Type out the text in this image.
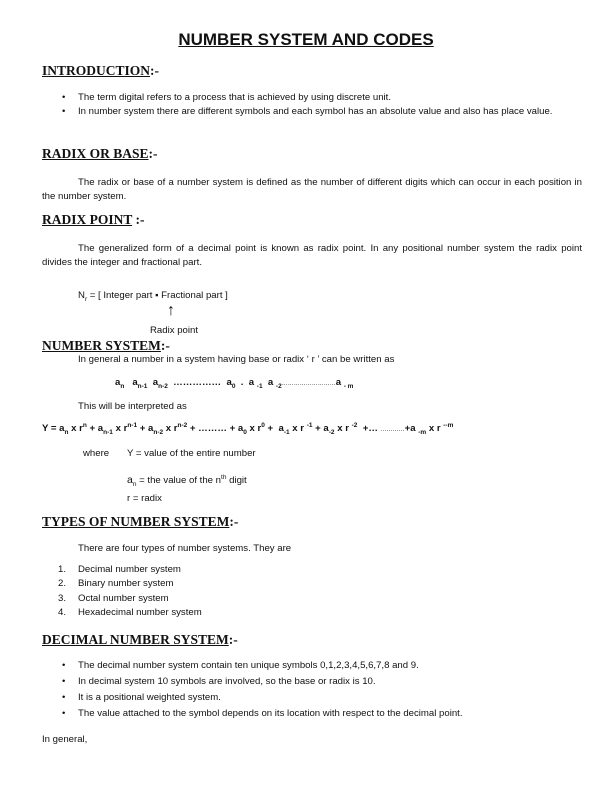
NUMBER SYSTEM AND CODES
INTRODUCTION:-
• The term digital refers to a process that is achieved by using discrete unit.
• In number system there are different symbols and each symbol has an absolute value and also has place value.
RADIX OR BASE:-
The radix or base of a number system is defined as the number of different digits which can occur in each position in the number system.
RADIX POINT :-
The generalized form of a decimal point is known as radix point. In any positional number system the radix point divides the integer and fractional part.
$N_r$ = [ Integer part ▪ Fractional part ]
↑
Radix point
NUMBER SYSTEM:-
In general a number in a system having base or radix ‘ r ’ can be written as
$a_n$   $a_{n-1}$  $a_{n-2}$  ……………  $a_0$  .  a $_{-1}$  a $_{-2}$………………………a $_{- m}$
This will be interpreted as
$Y = a_n$ x $r^n + a_{n-1}$ x $r^{n-1} + a_{n-2}$ x $r^{n-2}$ + ……… + $a_0$ x $r^0 + a_{-1}$ x r $^{-1} + a_{-2}$ x r $^{-2}$  +… …………+a $_{-m}$ x r $^{--m}$
where Y = value of the entire number
$a_n$ = the value of the $n^{th}$ digit
r = radix
TYPES OF NUMBER SYSTEM:-
There are four types of number systems. They are
1. Decimal number system
2. Binary number system
3. Octal number system
4. Hexadecimal number system
DECIMAL NUMBER SYSTEM:-
• The decimal number system contain ten unique symbols 0,1,2,3,4,5,6,7,8 and 9.
• In decimal system 10 symbols are involved, so the base or radix is 10.
• It is a positional weighted system.
• The value attached to the symbol depends on its location with respect to the decimal point.
In general,
